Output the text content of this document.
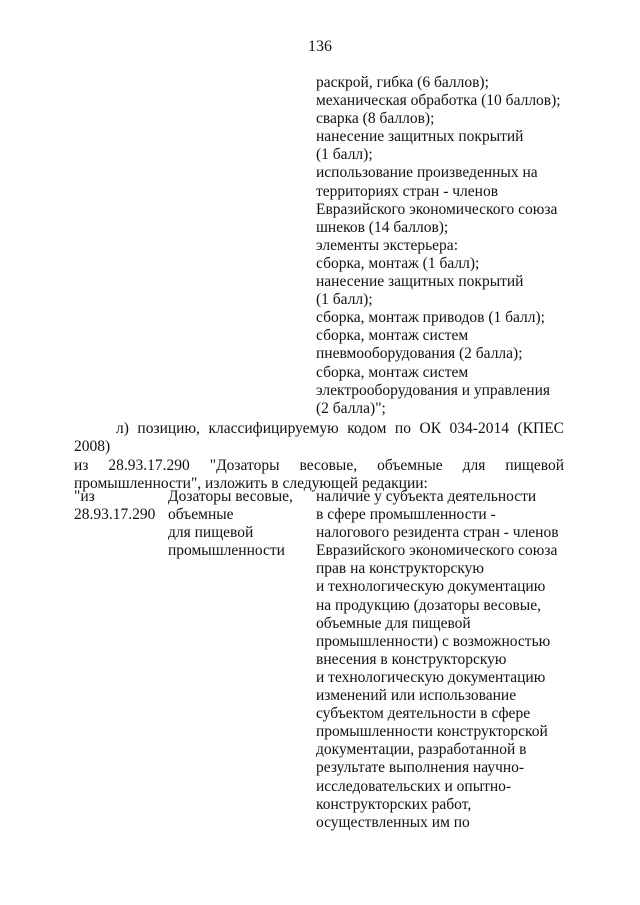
136
раскрой, гибка (6 баллов);
механическая обработка (10 баллов);
сварка (8 баллов);
нанесение защитных покрытий
(1 балл);
использование произведенных на
территориях стран - членов
Евразийского экономического союза
шнеков (14 баллов);
элементы экстерьера:
сборка, монтаж (1 балл);
нанесение защитных покрытий
(1 балл);
сборка, монтаж приводов (1 балл);
сборка, монтаж систем
пневмооборудования (2 балла);
сборка, монтаж систем
электрооборудования и управления
(2 балла)";
л) позицию, классифицируемую кодом по ОК 034-2014 (КПЕС 2008)
из 28.93.17.290 "Дозаторы весовые, объемные для пищевой
промышленности", изложить в следующей редакции:
"из
28.93.17.290
Дозаторы весовые,
объемные
для пищевой
промышленности
наличие у субъекта деятельности
в сфере промышленности -
налогового резидента стран - членов
Евразийского экономического союза
прав на конструкторскую
и технологическую документацию
на продукцию (дозаторы весовые,
объемные для пищевой
промышленности) с возможностью
внесения в конструкторскую
и технологическую документацию
изменений или использование
субъектом деятельности в сфере
промышленности конструкторской
документации, разработанной в
результате выполнения научно-
исследовательских и опытно-
конструкторских работ,
осуществленных им по
